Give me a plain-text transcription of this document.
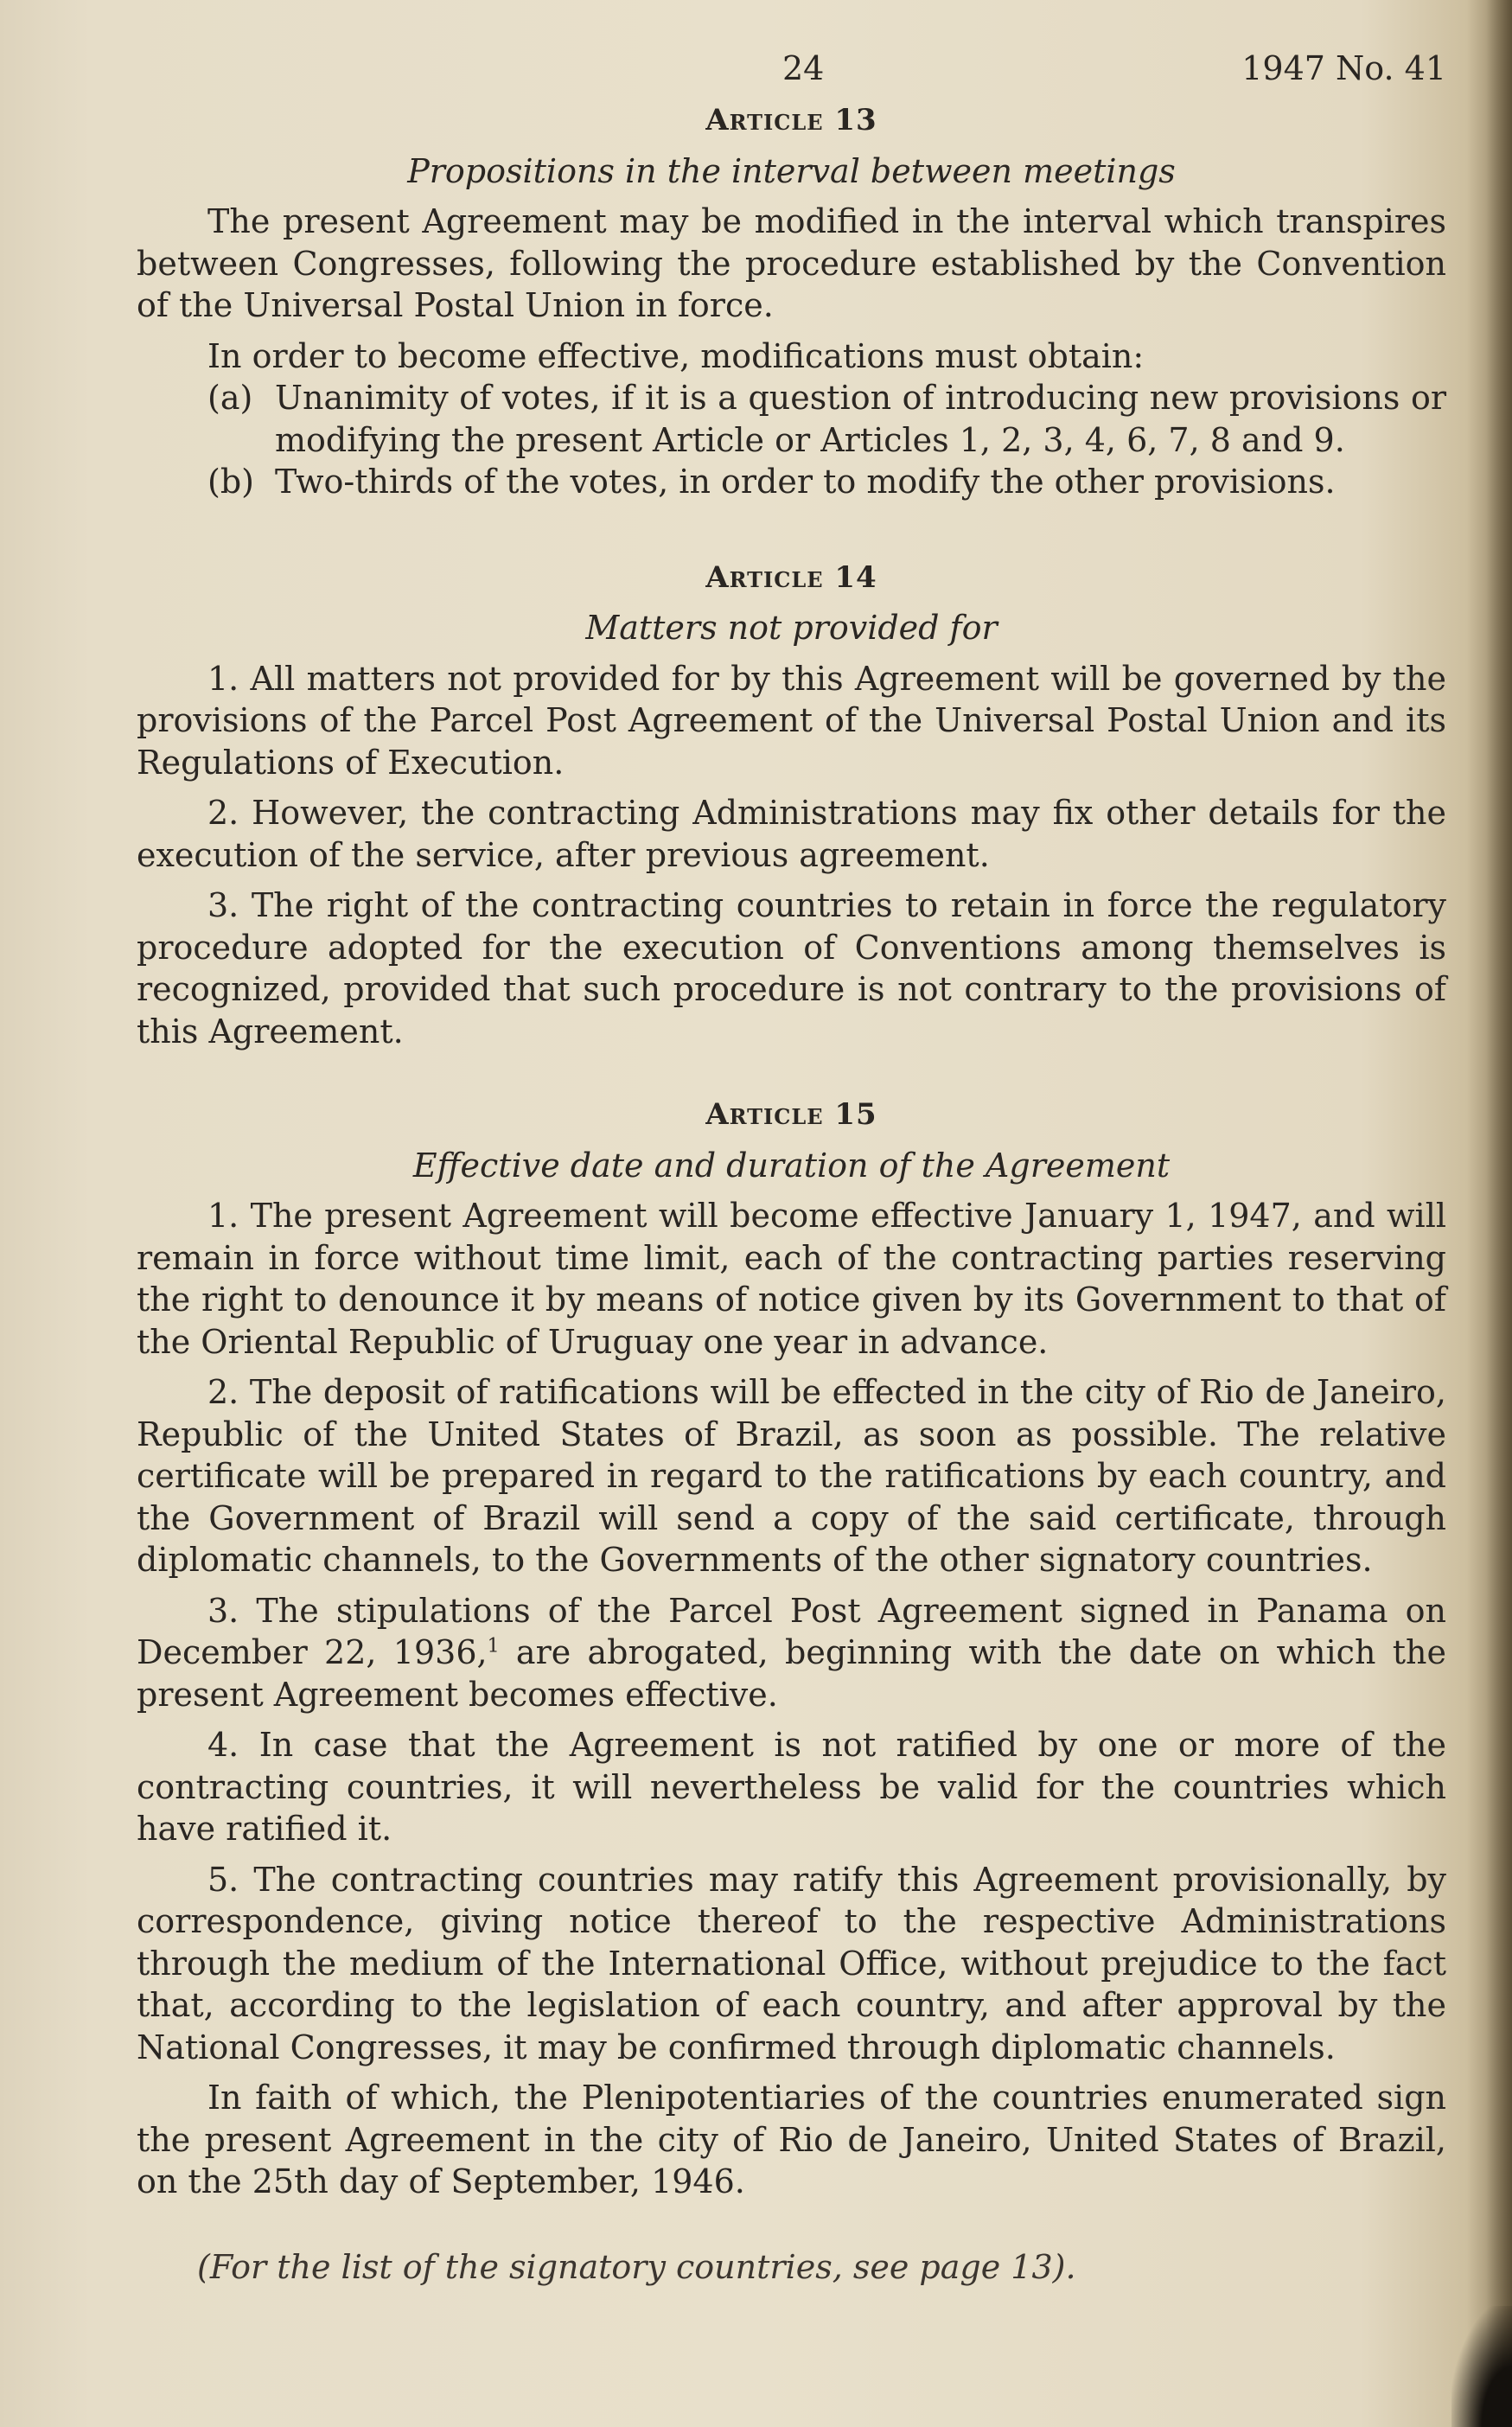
24	1947 No. 41
Article 13

Propositions in the interval between meetings

The present Agreement may be modified in the interval which transpires between Congresses, following the procedure established by the Convention of the Universal Postal Union in force.

In order to become effective, modifications must obtain:

(a) Unanimity of votes, if it is a question of introducing new provisions or modifying the present Article or Articles 1, 2, 3, 4, 6, 7, 8 and 9.
(b) Two-thirds of the votes, in order to modify the other provisions.
Article 14

Matters not provided for

1. All matters not provided for by this Agreement will be governed by the provisions of the Parcel Post Agreement of the Universal Postal Union and its Regulations of Execution.

2. However, the contracting Administrations may fix other details for the execution of the service, after previous agreement.

3. The right of the contracting countries to retain in force the regulatory procedure adopted for the execution of Conventions among themselves is recognized, provided that such procedure is not contrary to the provisions of this Agreement.

Article 15

Effective date and duration of the Agreement

1. The present Agreement will become effective January 1, 1947, and will remain in force without time limit, each of the contracting parties reserving the right to denounce it by means of notice given by its Government to that of the Oriental Republic of Uruguay one year in advance.

2. The deposit of ratifications will be effected in the city of Rio de Janeiro, Republic of the United States of Brazil, as soon as possible. The relative certificate will be prepared in regard to the ratifications by each country, and the Government of Brazil will send a copy of the said certificate, through diplomatic channels, to the Governments of the other signatory countries.

3. The stipulations of the Parcel Post Agreement signed in Panama on December 22, 1936,$^1$ are abrogated, beginning with the date on which the present Agreement becomes effective.

4. In case that the Agreement is not ratified by one or more of the contracting countries, it will nevertheless be valid for the countries which have ratified it.

5. The contracting countries may ratify this Agreement provisionally, by correspondence, giving notice thereof to the respective Administrations through the medium of the International Office, without prejudice to the fact that, according to the legislation of each country, and after approval by the National Congresses, it may be confirmed through diplomatic channels.

In faith of which, the Plenipotentiaries of the countries enumerated sign the present Agreement in the city of Rio de Janeiro, United States of Brazil, on the 25th day of September, 1946.

(For the list of the signatory countries, see page 13).
